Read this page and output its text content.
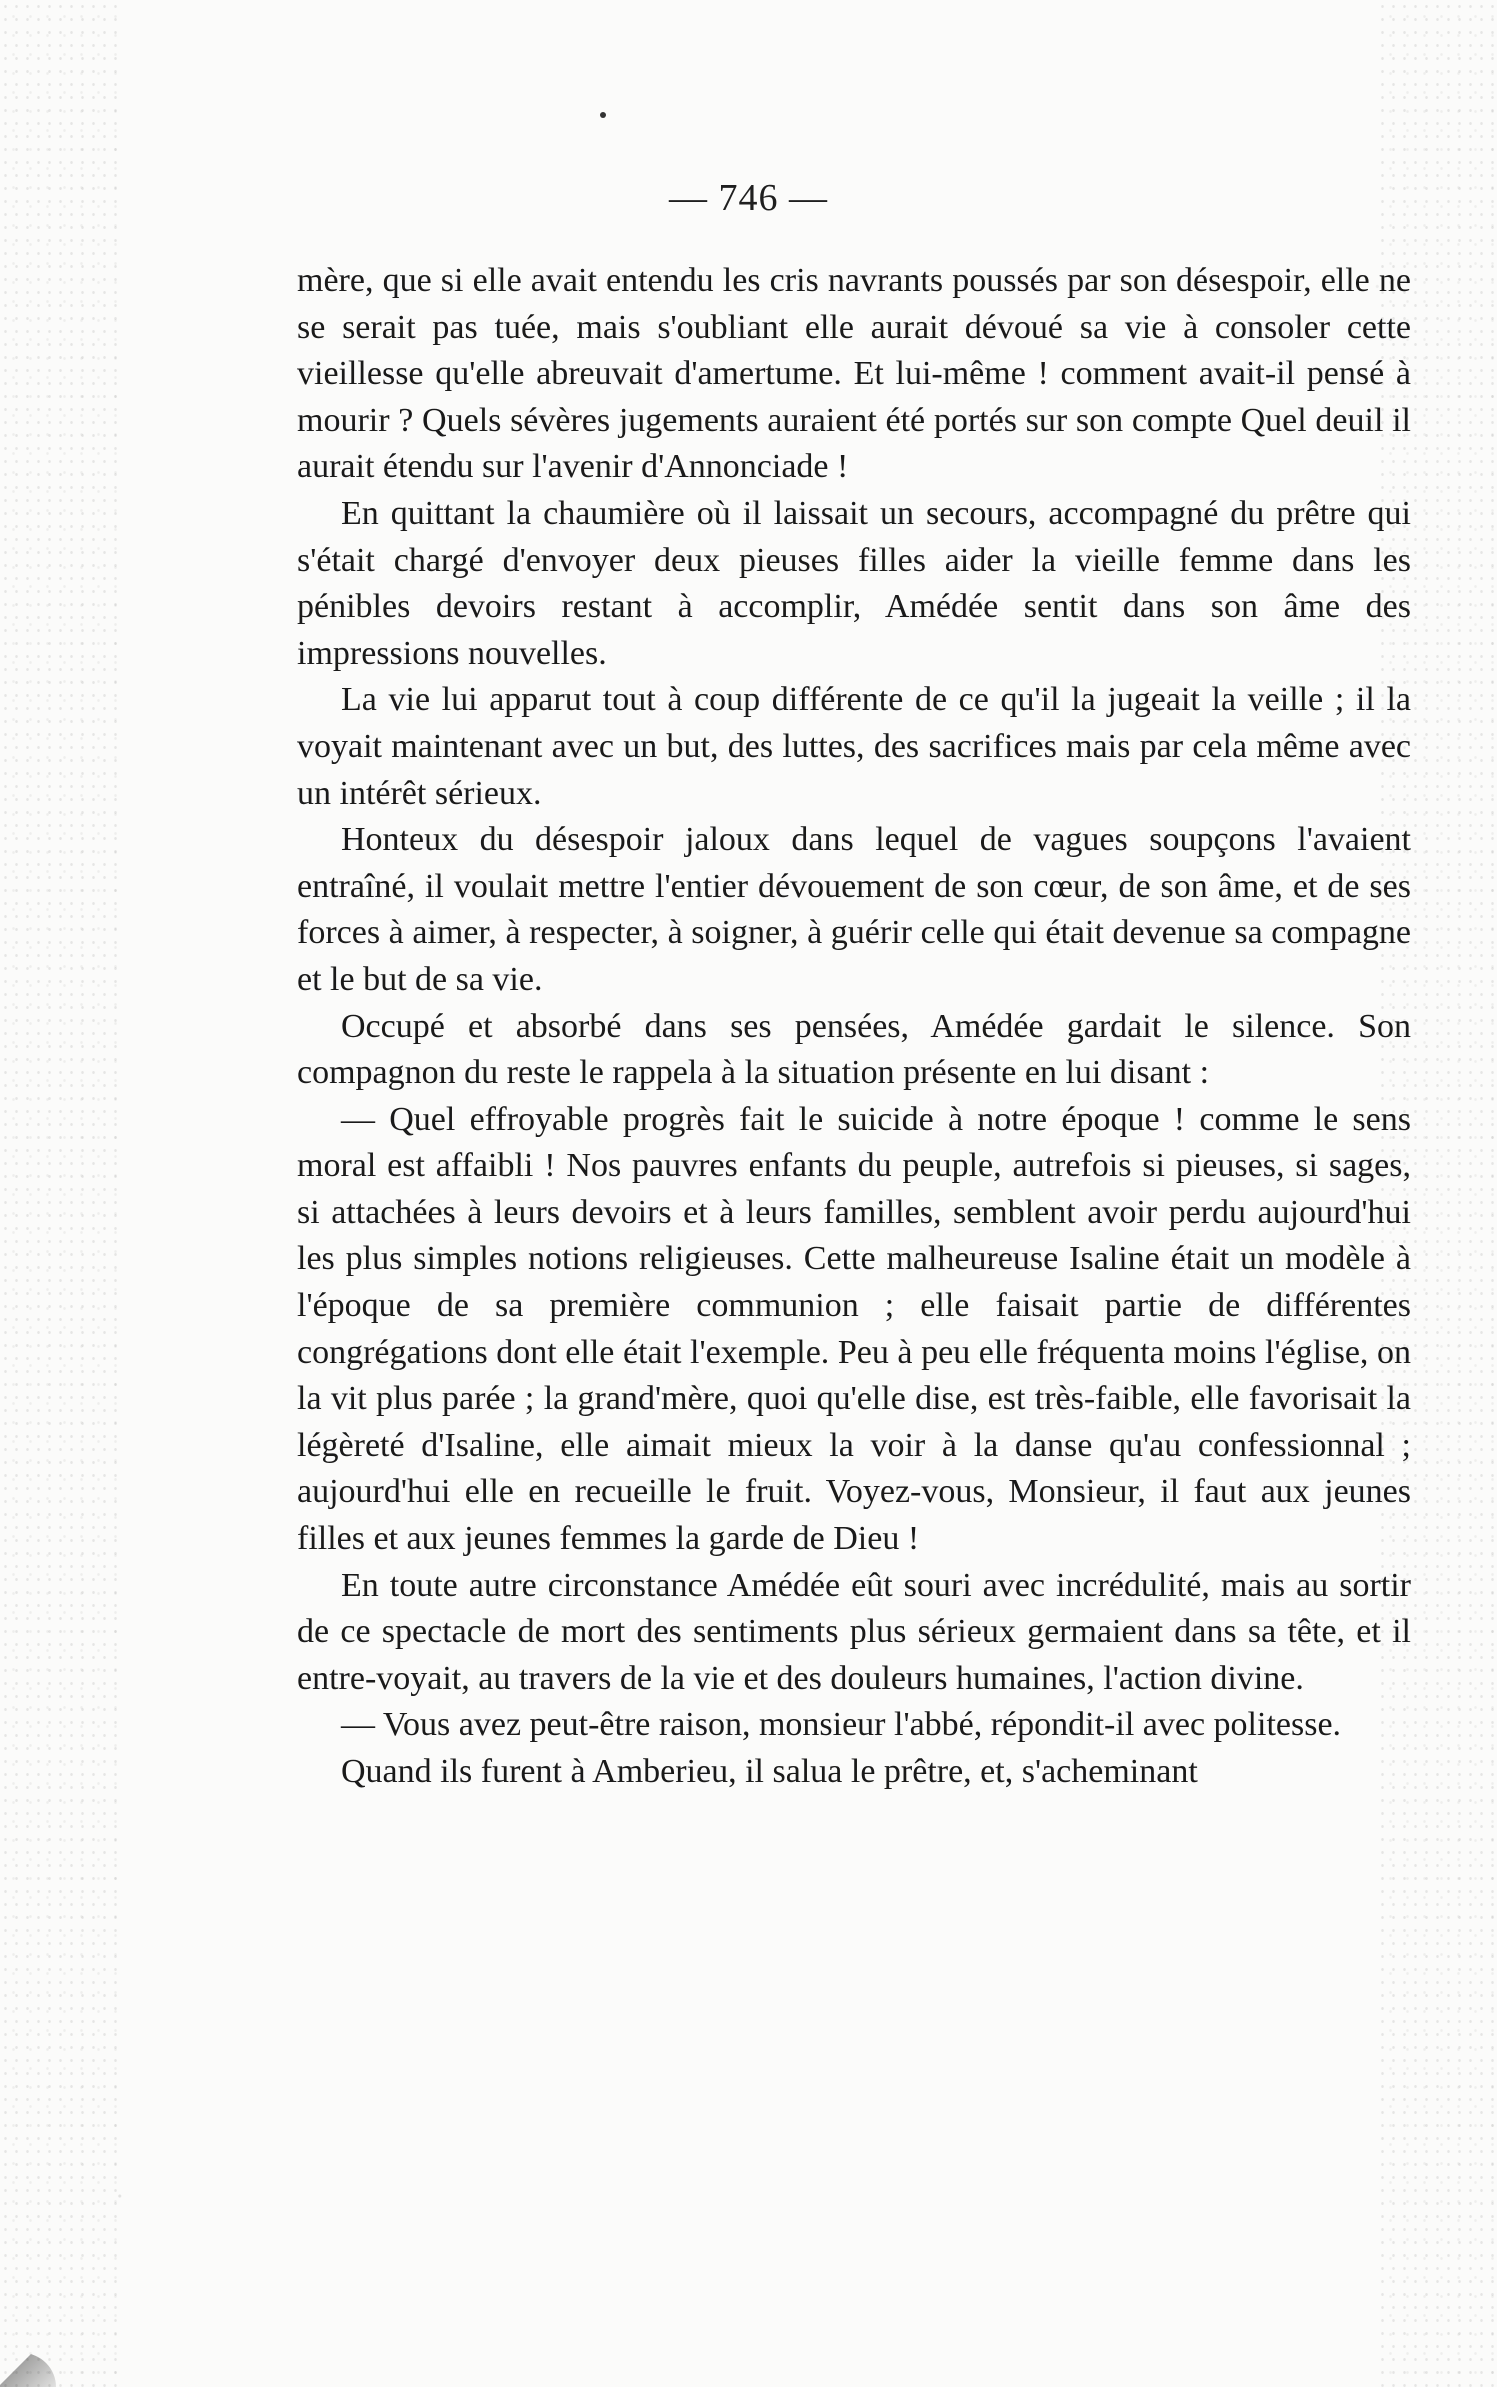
— 746 —

mère, que si elle avait entendu les cris navrants poussés par son désespoir, elle ne se serait pas tuée, mais s'oubliant elle aurait dévoué sa vie à consoler cette vieillesse qu'elle abreuvait d'amertume. Et lui-même ! comment avait-il pensé à mourir ? Quels sévères jugements auraient été portés sur son compte Quel deuil il aurait étendu sur l'avenir d'Annonciade !

En quittant la chaumière où il laissait un secours, accompagné du prêtre qui s'était chargé d'envoyer deux pieuses filles aider la vieille femme dans les pénibles devoirs restant à accomplir, Amédée sentit dans son âme des impressions nouvelles.

La vie lui apparut tout à coup différente de ce qu'il la jugeait la veille ; il la voyait maintenant avec un but, des luttes, des sacrifices mais par cela même avec un intérêt sérieux.

Honteux du désespoir jaloux dans lequel de vagues soupçons l'avaient entraîné, il voulait mettre l'entier dévouement de son cœur, de son âme, et de ses forces à aimer, à respecter, à soigner, à guérir celle qui était devenue sa compagne et le but de sa vie.

Occupé et absorbé dans ses pensées, Amédée gardait le silence. Son compagnon du reste le rappela à la situation présente en lui disant :

— Quel effroyable progrès fait le suicide à notre époque ! comme le sens moral est affaibli ! Nos pauvres enfants du peuple, autrefois si pieuses, si sages, si attachées à leurs devoirs et à leurs familles, semblent avoir perdu aujourd'hui les plus simples notions religieuses. Cette malheureuse Isaline était un modèle à l'époque de sa première communion ; elle faisait partie de différentes congrégations dont elle était l'exemple. Peu à peu elle fréquenta moins l'église, on la vit plus parée ; la grand'mère, quoi qu'elle dise, est très-faible, elle favorisait la légèreté d'Isaline, elle aimait mieux la voir à la danse qu'au confessionnal ; aujourd'hui elle en recueille le fruit. Voyez-vous, Monsieur, il faut aux jeunes filles et aux jeunes femmes la garde de Dieu !

En toute autre circonstance Amédée eût souri avec incrédulité, mais au sortir de ce spectacle de mort des sentiments plus sérieux germaient dans sa tête, et il entre-voyait, au travers de la vie et des douleurs humaines, l'action divine.

— Vous avez peut-être raison, monsieur l'abbé, répondit-il avec politesse.

Quand ils furent à Amberieu, il salua le prêtre, et, s'acheminant
